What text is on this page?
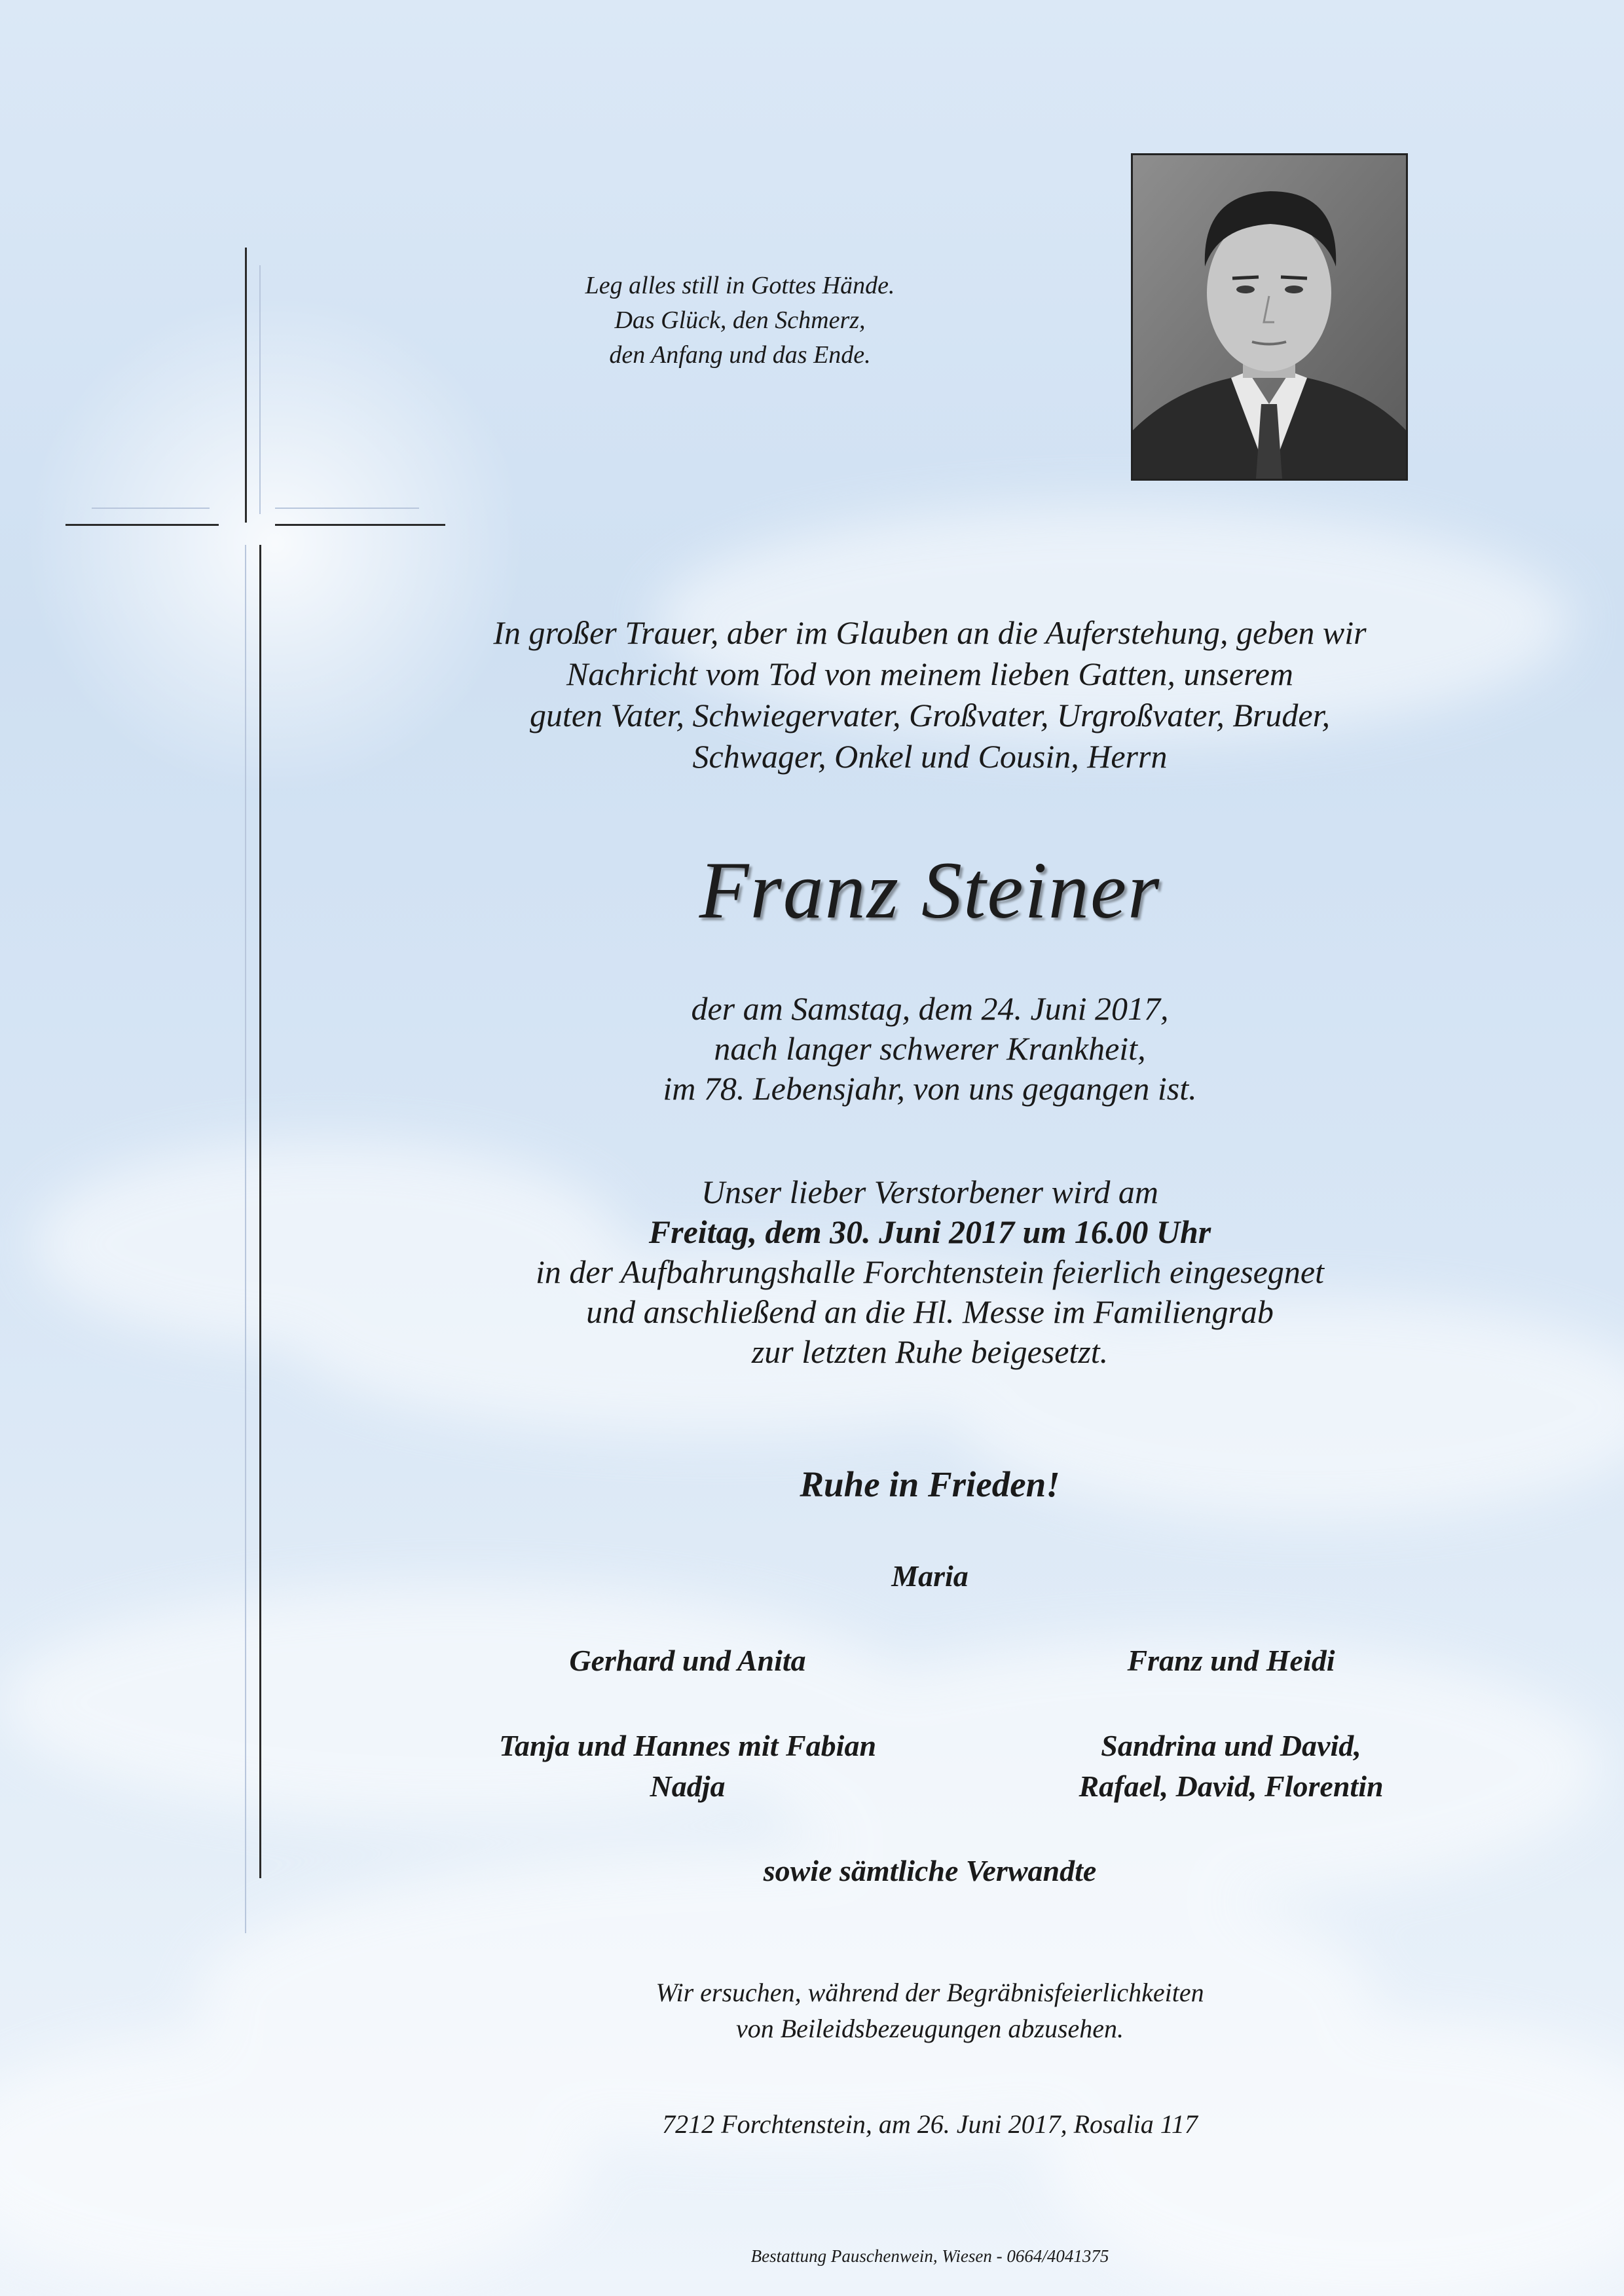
Leg alles still in Gottes Hände.
Das Glück, den Schmerz,
den Anfang und das Ende.
In großer Trauer, aber im Glauben an die Auferstehung, geben wir
Nachricht vom Tod von meinem lieben Gatten, unserem
guten Vater, Schwiegervater, Großvater, Urgroßvater, Bruder,
Schwager, Onkel und Cousin, Herrn
Franz Steiner
der am Samstag, dem 24. Juni 2017,
nach langer schwerer Krankheit,
im 78. Lebensjahr, von uns gegangen ist.
Unser lieber Verstorbener wird am
Freitag, dem 30. Juni 2017 um 16.00 Uhr
in der Aufbahrungshalle Forchtenstein feierlich eingesegnet
und anschließend an die Hl. Messe im Familiengrab
zur letzten Ruhe beigesetzt.
Ruhe in Frieden!
Maria
Gerhard und Anita	Franz und Heidi
Tanja und Hannes mit Fabian
Nadja
Sandrina und David,
Rafael, David, Florentin
sowie sämtliche Verwandte
Wir ersuchen, während der Begräbnisfeierlichkeiten
von Beileidsbezeugungen abzusehen.
7212 Forchtenstein, am 26. Juni 2017, Rosalia 117
Bestattung Pauschenwein, Wiesen - 0664/4041375
